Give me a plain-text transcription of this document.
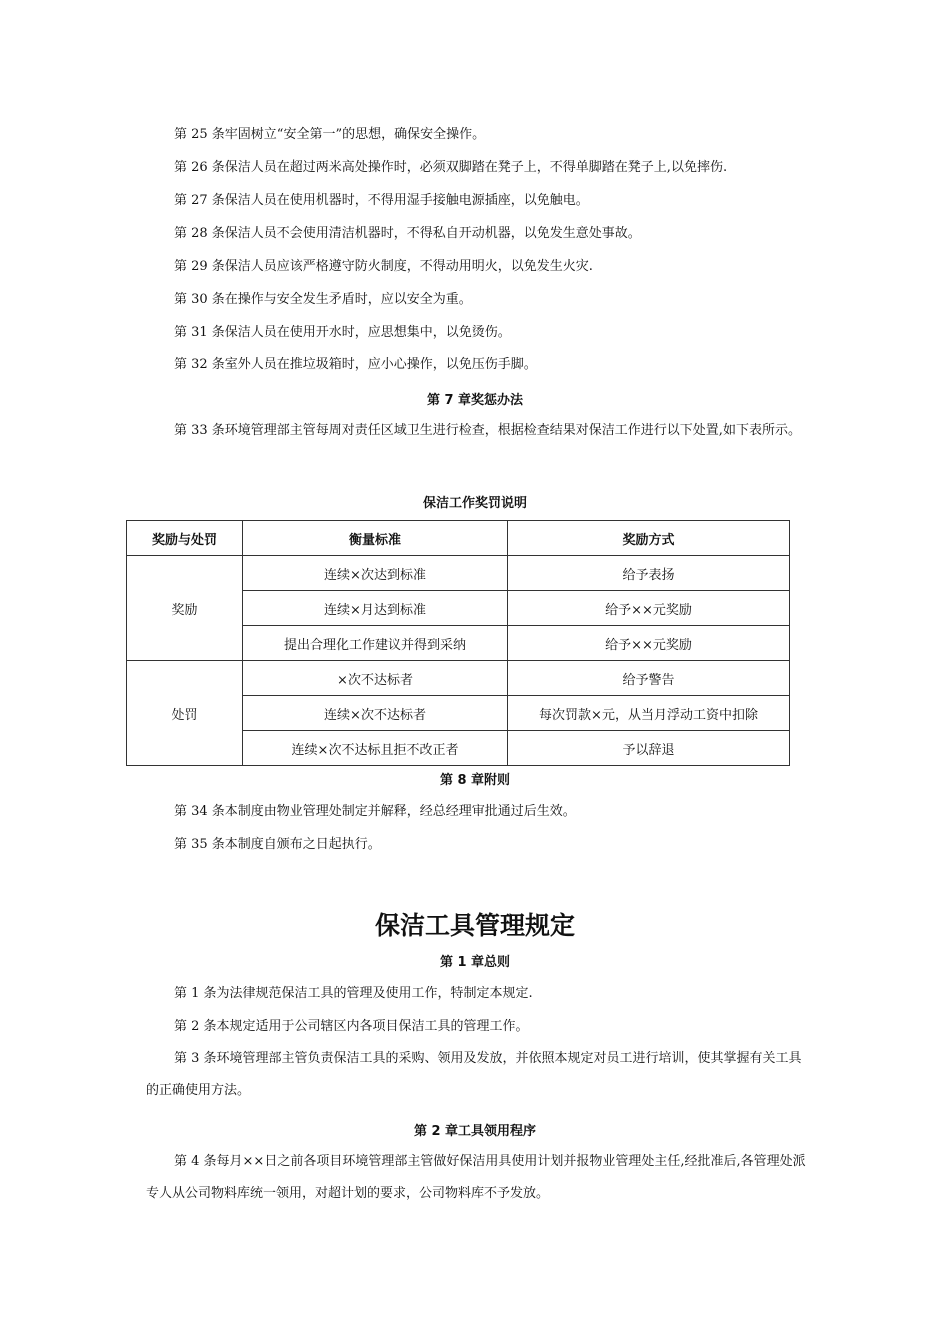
第 25 条牢固树立“安全第一”的思想，确保安全操作。
第 26 条保洁人员在超过两米高处操作时，必须双脚踏在凳子上，不得单脚踏在凳子上,以免摔伤.
第 27 条保洁人员在使用机器时，不得用湿手接触电源插座，以免触电。
第 28 条保洁人员不会使用清洁机器时，不得私自开动机器，以免发生意处事故。
第 29 条保洁人员应该严格遵守防火制度，不得动用明火，以免发生火灾.
第 30 条在操作与安全发生矛盾时，应以安全为重。
第 31 条保洁人员在使用开水时，应思想集中，以免烫伤。
第 32 条室外人员在推垃圾箱时，应小心操作，以免压伤手脚。
第 7 章奖惩办法
第 33 条环境管理部主管每周对责任区域卫生进行检查，根据检查结果对保洁工作进行以下处置,如下表所示。
保洁工作奖罚说明
奖励与处罚	衡量标准	奖励方式
奖励	连续×次达到标准	给予表扬
	连续×月达到标准	给予××元奖励
	提出合理化工作建议并得到采纳	给予××元奖励
处罚	×次不达标者	给予警告
	连续×次不达标者	每次罚款×元，从当月浮动工资中扣除
	连续×次不达标且拒不改正者	予以辞退
第 8 章附则
第 34 条本制度由物业管理处制定并解释，经总经理审批通过后生效。
第 35 条本制度自颁布之日起执行。
保洁工具管理规定
第 1 章总则
第 1 条为法律规范保洁工具的管理及使用工作，特制定本规定.
第 2 条本规定适用于公司辖区内各项目保洁工具的管理工作。
第 3 条环境管理部主管负责保洁工具的采购、领用及发放，并依照本规定对员工进行培训，使其掌握有关工具的正确使用方法。
第 2 章工具领用程序
第 4 条每月××日之前各项目环境管理部主管做好保洁用具使用计划并报物业管理处主任,经批准后,各管理处派专人从公司物料库统一领用，对超计划的要求，公司物料库不予发放。
